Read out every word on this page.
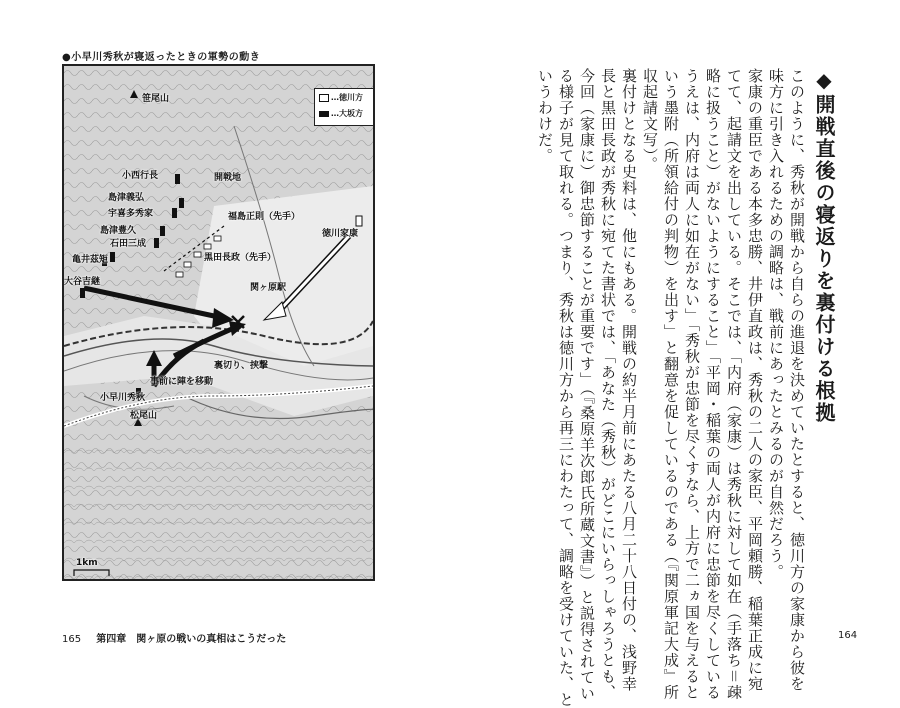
●小早川秀秋が寝返ったときの軍勢の動き
…徳川方
…大坂方
笹尾山
小西行長
島津義弘
宇喜多秀家
島津豊久
石田三成
亀井茲矩
開戦地
福島正則（先手）
黒田長政（先手）
徳川家康
大谷吉継
関ヶ原駅
裏切り、挟撃
事前に陣を移動
小早川秀秋
松尾山
1km
165 第四章　関ヶ原の戦いの真相はこうだった
◆開戦直後の寝返りを裏付ける根拠
このように、秀秋が開戦から自らの進退を決めていたとすると、徳川方の家康から彼を
味方に引き入れるための調略は、戦前にあったとみるのが自然だろう。
家康の重臣である本多忠勝、井伊直政は、秀秋の二人の家臣、平岡頼勝、稲葉正成に宛
てて、起請文を出している。そこでは、「内府（家康）は秀秋に対して如在（手落ち＝疎
略に扱うこと）がないようにすること」「平岡・稲葉の両人が内府に忠節を尽くしている
うえは、内府は両人に如在がない」「秀秋が忠節を尽くすなら、上方で二ヵ国を与えると
いう墨附（所領給付の判物）を出す」と翻意を促しているのである（『関原軍記大成』所
収起請文写）。
裏付けとなる史料は、他にもある。開戦の約半月前にあたる八月二十八日付の、浅野幸
長と黒田長政が秀秋に宛てた書状では、「あなた（秀秋）がどこにいらっしゃろうとも、
今回（家康に）御忠節することが重要です」（『桑原羊次郎氏所蔵文書』）と説得されてい
る様子が見て取れる。つまり、秀秋は徳川方から再三にわたって、調略を受けていた、と
いうわけだ。
164
